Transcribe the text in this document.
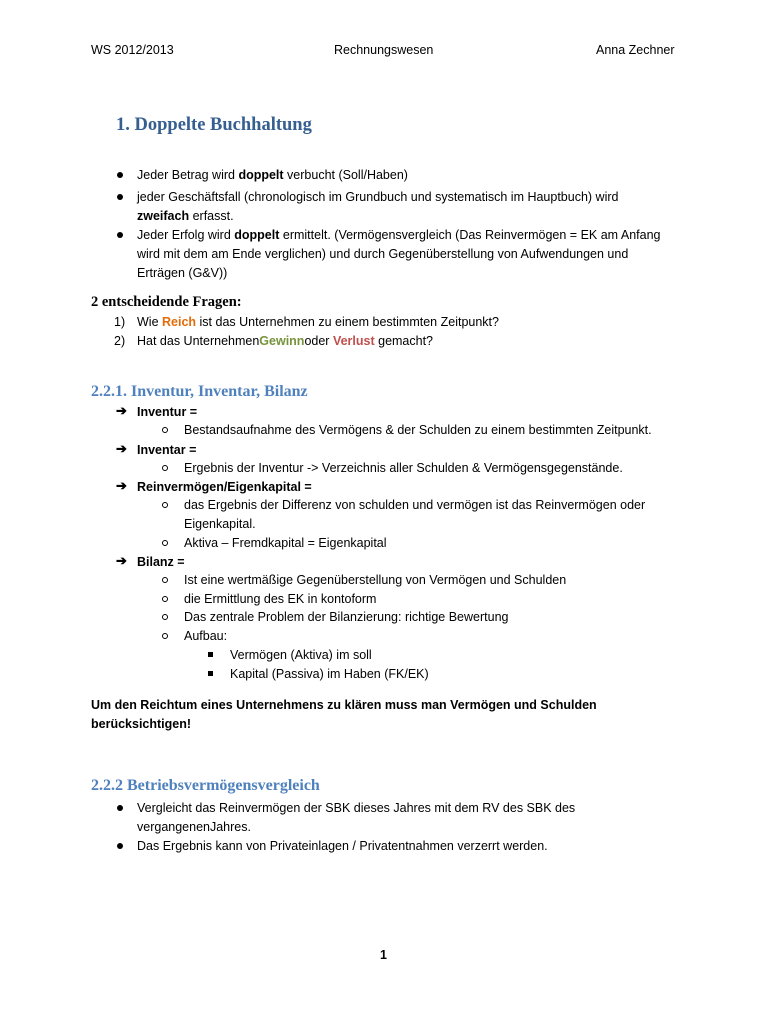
WS 2012/2013	Rechnungswesen	Anna Zechner
1. Doppelte Buchhaltung
Jeder Betrag wird doppelt verbucht (Soll/Haben)
jeder Geschäftsfall (chronologisch im Grundbuch und systematisch im Hauptbuch) wird
zweifach erfasst.
Jeder Erfolg wird doppelt ermittelt. (Vermögensvergleich (Das Reinvermögen = EK am Anfang
wird mit dem am Ende verglichen) und durch Gegenüberstellung von Aufwendungen und
Erträgen (G&V))
2 entscheidende Fragen:
1) Wie Reich ist das Unternehmen zu einem bestimmten Zeitpunkt?
2) Hat das UnternehmenGewinnoder Verlust gemacht?
2.2.1. Inventur, Inventar, Bilanz
➔ Inventur =
Bestandsaufnahme des Vermögens & der Schulden zu einem bestimmten Zeitpunkt.
➔ Inventar =
Ergebnis der Inventur -> Verzeichnis aller Schulden & Vermögensgegenstände.
➔ Reinvermögen/Eigenkapital =
das Ergebnis der Differenz von schulden und vermögen ist das Reinvermögen oder
Eigenkapital.
Aktiva – Fremdkapital = Eigenkapital
➔ Bilanz =
Ist eine wertmäßige Gegenüberstellung von Vermögen und Schulden
die Ermittlung des EK in kontoform
Das zentrale Problem der Bilanzierung: richtige Bewertung
Aufbau:
Vermögen (Aktiva) im soll
Kapital (Passiva) im Haben (FK/EK)
Um den Reichtum eines Unternehmens zu klären muss man Vermögen und Schulden
berücksichtigen!
2.2.2 Betriebsvermögensvergleich
Vergleicht das Reinvermögen der SBK dieses Jahres mit dem RV des SBK des
vergangenenJahres.
Das Ergebnis kann von Privateinlagen / Privatentnahmen verzerrt werden.
1
